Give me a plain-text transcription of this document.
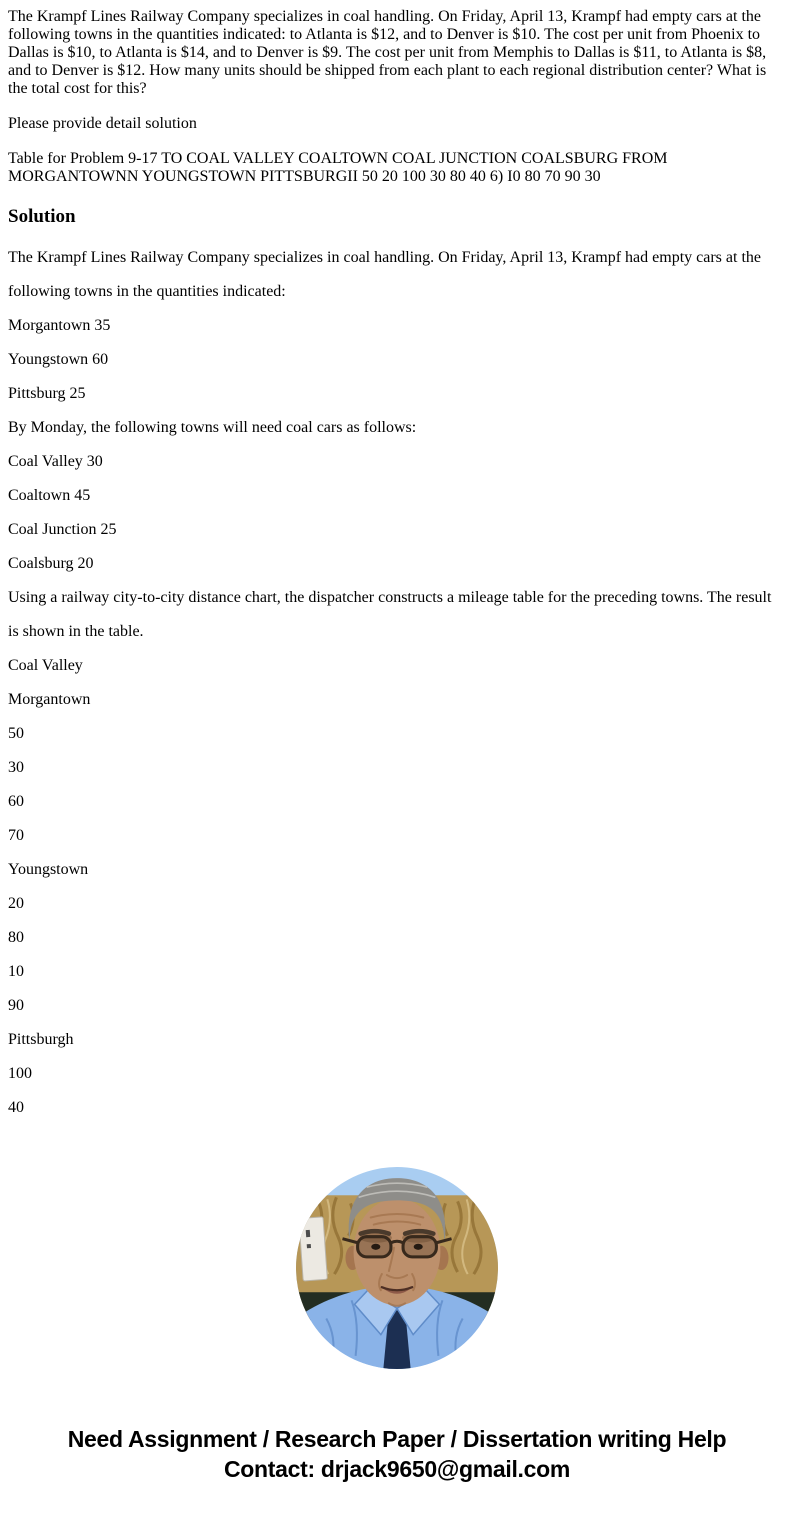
The Krampf Lines Railway Company specializes in coal handling. On Friday, April 13, Krampf had empty cars at the following towns in the quantities indicated: to Atlanta is $12, and to Denver is $10. The cost per unit from Phoenix to Dallas is $10, to Atlanta is $14, and to Denver is $9. The cost per unit from Memphis to Dallas is $11, to Atlanta is $8, and to Denver is $12. How many units should be shipped from each plant to each regional distribution center? What is the total cost for this?

Please provide detail solution

Table for Problem 9-17 TO COAL VALLEY COALTOWN COAL JUNCTION COALSBURG FROM MORGANTOWNN YOUNGSTOWN PITTSBURGII 50 20 100 30 80 40 6) I0 80 70 90 30

Solution

The Krampf Lines Railway Company specializes in coal handling. On Friday, April 13, Krampf had empty cars at the following towns in the quantities indicated:

Morgantown 35

Youngstown 60

Pittsburg 25

By Monday, the following towns will need coal cars as follows:

Coal Valley 30

Coaltown 45

Coal Junction 25

Coalsburg 20

Using a railway city-to-city distance chart, the dispatcher constructs a mileage table for the preceding towns. The result is shown in the table.

Coal Valley

Morgantown

50

30

60

70

Youngstown

20

80

10

90

Pittsburgh

100

40

Need Assignment / Research Paper / Dissertation writing Help
Contact: drjack9650@gmail.com
